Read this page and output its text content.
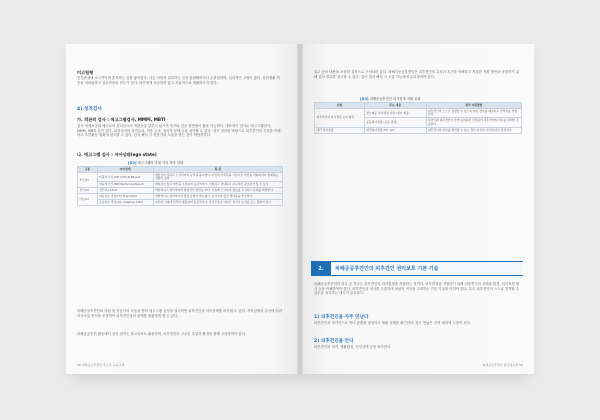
미고립형

인간관계에 소극적이며 혼자하는 것을 좋아한다. 다른 사람과 접촉하는 것을 불편해하거나 무관심하며, 심리적인 고립이 많다. 집단생활 적응을 어려워하고 상호작용의 빈도가 낮다. 타인에게 의존하지 않고 자율적으로 생활하고자 한다.

4) 성격검사
가. 객관적 검사 : 에고그램검사, MMPI, MBTI

검사 자체표준화 예시로서 심리검사의 객관성을 갖추고 있으며 연구와 임상 장면에서 활용 가능하다. 대표적인 검사로 에고그램검사, MMPI, MBTI 등이 있다. 피검사자의 성격특성, 적응 수준, 심리적 문제 등을 파악할 수 있다. 검사 결과를 바탕으로 피후견인의 특성을 이해하고 후견활동 계획에 참고할 수 있다. 검사 해석 시 전문가의 도움을 받는 것이 바람직하다.

나. 에고그램 검사 : 자아상태(ego state)
[표2] 에고그램의 다섯 가지 자아 상태
구분	자아상태	특 징
부모(P)	비판적 부모(CP) Critical Parent	책임감이 강하고 도덕적이며 규칙을 중시한다. 자신의 가치관을 기준으로 타인을 비판하거나 통제하는 경향이 있다.
	양육적 부모(NP) Nurturing Parent	배려심이 많고 타인을 보살피며 공감적이다. 친절하고 관대하나 지나치면 과보호가 될 수 있다.
성인(A)	성인(A) Adult	객관적이고 합리적이며 현실적인 판단을 한다. 사실에 근거하여 정보를 수집하고 문제를 해결한다.
아동(C)	자유로운 아동(FC) Free Child	자발적이고 창의적이며 감정 표현이 자유롭다. 호기심이 많고 즐거움을 추구한다.
	순응하는 아동(AC) Adapted Child	타인의 기대에 맞추어 행동하며 순응적이다. 자기주장이 약하고 참거나 눈치를 보는 경향이 있다.

피해공공후견인의 지원 및 전문가의 도움을 받아 에고그램 검사를 실시하면 피후견인의 자아상태를 파악할 수 있다. 자아상태의 특성에 따라 의사소통 방식을 조정하여 피후견인과의 관계를 원활하게 할 수 있다.

피해공공후견 활동에서 검사 결과는 참고자료로 활용하며, 피후견인의 고유한 특성과 환경을 함께 고려하여야 한다.

58 피해공공후견인 후보자 교육교재

실수 등의 내용을 포함한 질문으로 구성되어 있다. 피해자공공후견인은 피후견인의 특성과 욕구를 이해하고 적절한 지원 방안을 마련하기 위해 검사 결과를 참고할 수 있다. 검사 결과 해석 시 오류 가능성에 유의하여야 한다.

[표3] 피해공공후견인 의사결정 지원 유형
유형	주요 내용	관련 지원방법
피후견인의 의사결정 능력 향상	정보제공 의사결정 지원 (정보 제공)	피후견인이 스스로 결정할 수 있도록 쉬운 정보를 제공하고 선택지를 설명한다.
	공동의사결정 (공동 결정)	후견인과 피후견인이 함께 논의하여 결정하며 피후견인의 의사를 최대한 존중한다.
대리 의사결정	대리의사결정 (FC, AC)	피후견인의 의사를 확인할 수 없는 경우 최선의 이익에 따라 결정한다.
2.	피해공공후견인의 피후견인 권익보호 기본 기술

피해공공후견인의 의무 중 하나는 피후견인의 의사결정을 지원하는 것이다. 의사결정을 지원하기 위해 피후견인의 상태와 환경, 의사표현 방식 등을 이해하여야 한다. 피후견인의 의사를 존중하며 최선의 이익을 고려하는 기본 기술을 익혀야 한다. 특히 피후견인이 스스로 결정할 수 있도록 지지하는 태도가 중요하다.

1) 피후견인을 자주 만난다

피후견인과 정기적으로 만나 관계를 형성하고 생활 상태를 확인한다. 잦은 만남은 신뢰 형성에 도움이 된다.

2) 피후견인을 안다

피후견인의 성격, 생활환경, 건강상태 등을 파악한다.

피해공공후견인 활동매뉴얼 59
